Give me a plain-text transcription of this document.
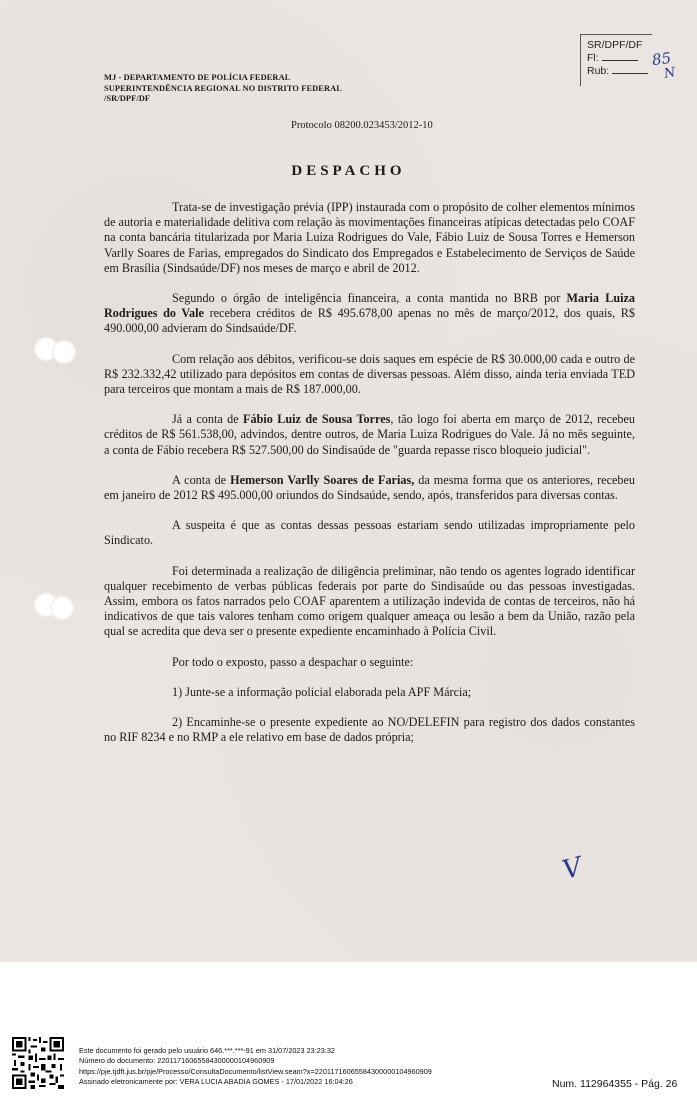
SR/DPF/DF
Fl:
Rub:
85
N
MJ - DEPARTAMENTO DE POLÍCIA FEDERAL
SUPERINTENDÊNCIA REGIONAL NO DISTRITO FEDERAL
/SR/DPF/DF
Protocolo 08200.023453/2012-10
DESPACHO

Trata-se de investigação prévia (IPP) instaurada com o propósito de colher elementos mínimos de autoria e materialidade delitiva com relação às movimentações financeiras atípicas detectadas pelo COAF na conta bancária titularizada por Maria Luiza Rodrigues do Vale, Fábio Luiz de Sousa Torres e Hemerson Varlly Soares de Farias, empregados do Sindicato dos Empregados e Estabelecimento de Serviços de Saúde em Brasília (Sindsaúde/DF) nos meses de março e abril de 2012.

Segundo o órgão de inteligência financeira, a conta mantida no BRB por Maria Luiza Rodrigues do Vale recebera créditos de R$ 495.678,00 apenas no mês de março/2012, dos quais, R$ 490.000,00 advieram do Sindsaúde/DF.

Com relação aos débitos, verificou-se dois saques em espécie de R$ 30.000,00 cada e outro de R$ 232.332,42 utilizado para depósitos em contas de diversas pessoas. Além disso, ainda teria enviada TED para terceiros que montam a mais de R$ 187.000,00.

Já a conta de Fábio Luiz de Sousa Torres, tão logo foi aberta em março de 2012, recebeu créditos de R$ 561.538,00, advindos, dentre outros, de Maria Luiza Rodrigues do Vale. Já no mês seguinte, a conta de Fábio recebera R$ 527.500,00 do Sindisaúde de "guarda repasse risco bloqueio judicial".

A conta de Hemerson Varlly Soares de Farias, da mesma forma que os anteriores, recebeu em janeiro de 2012 R$ 495.000,00 oriundos do Sindsaúde, sendo, após, transferidos para diversas contas.

A suspeita é que as contas dessas pessoas estariam sendo utilizadas impropriamente pelo Sindicato.

Foi determinada a realização de diligência preliminar, não tendo os agentes logrado identificar qualquer recebimento de verbas públicas federais por parte do Sindisaúde ou das pessoas investigadas. Assim, embora os fatos narrados pelo COAF aparentem a utilização indevida de contas de terceiros, não há indicativos de que tais valores tenham como origem qualquer ameaça ou lesão a bem da União, razão pela qual se acredita que deva ser o presente expediente encaminhado à Polícia Civil.

Por todo o exposto, passo a despachar o seguinte:

1) Junte-se a informação policial elaborada pela APF Márcia;

2) Encaminhe-se o presente expediente ao NO/DELEFIN para registro dos dados constantes no RIF 8234 e no RMP a ele relativo em base de dados própria;

V
Este documento foi gerado pelo usuário 646.***.***-91 em 31/07/2023 23:23:32
Número do documento: 22011716065584300000104960909
https://pje.tjdft.jus.br/pje/Processo/ConsultaDocumento/listView.seam?x=22011716065584300000104960909
Assinado eletronicamente por: VERA LUCIA ABADIA GOMES - 17/01/2022 16:04:26	Num. 112964355 - Pág. 26
